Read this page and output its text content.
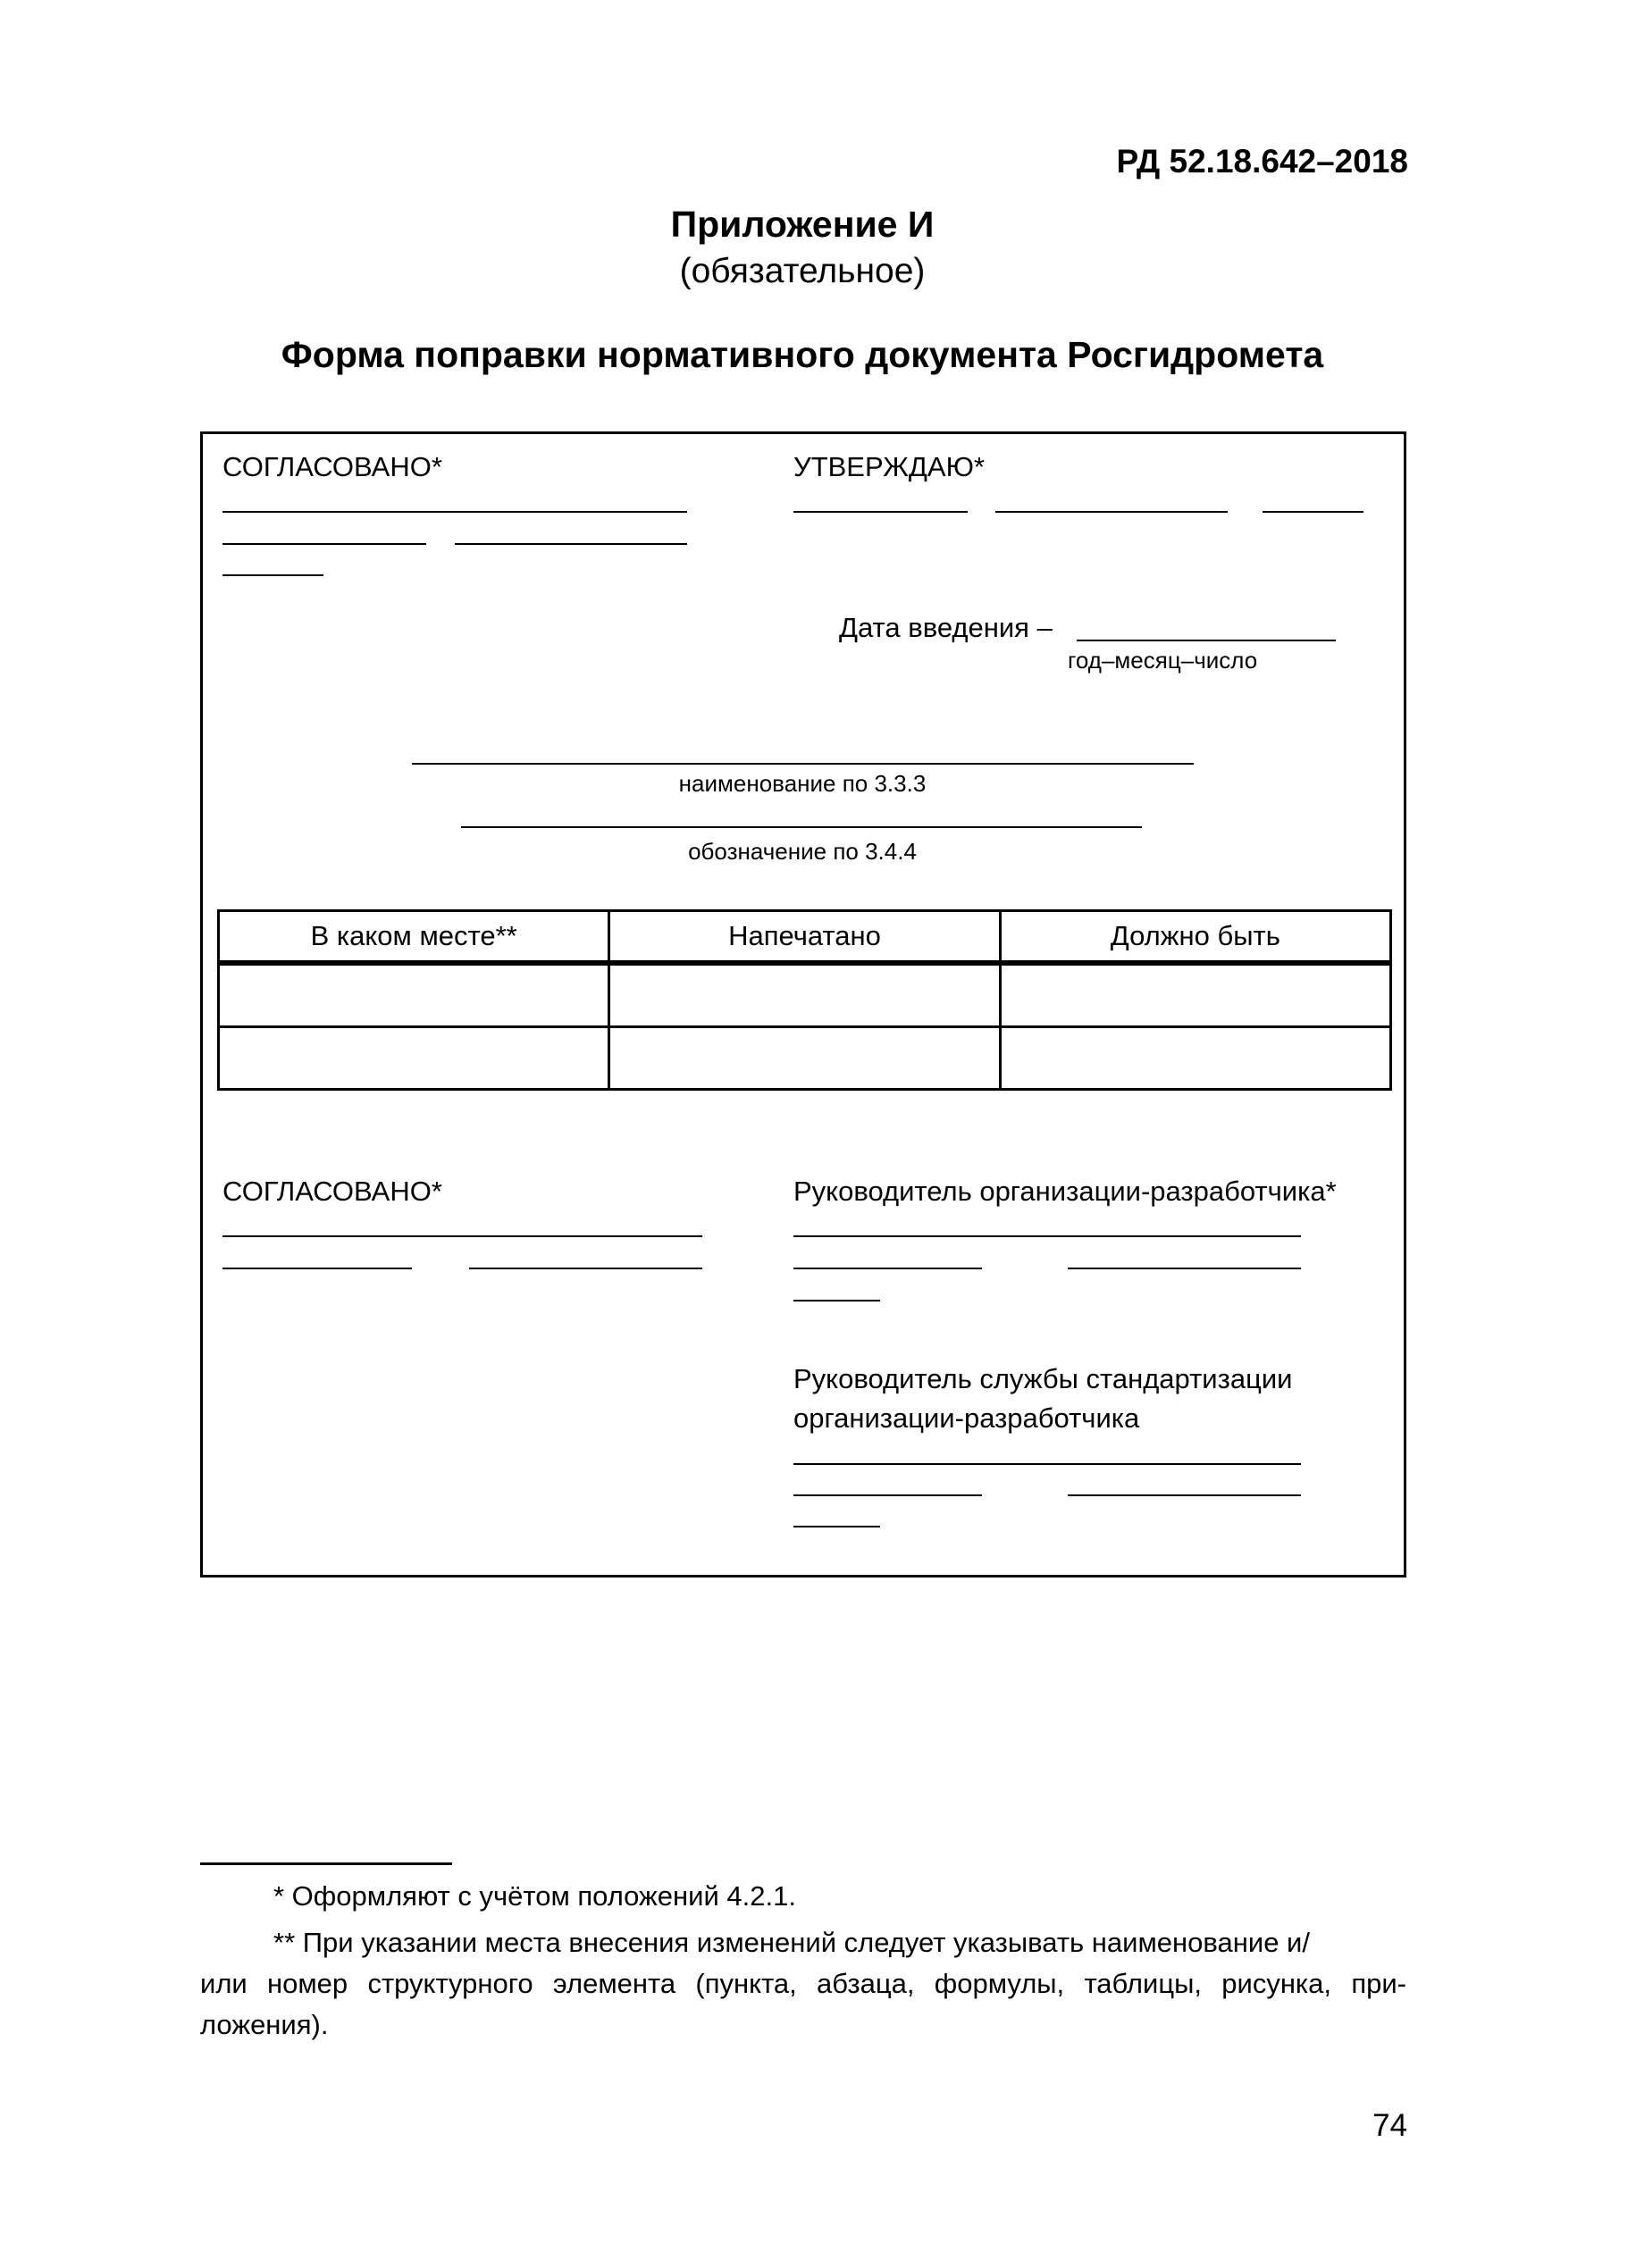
РД 52.18.642–2018
Приложение И
(обязательное)
Форма поправки нормативного документа Росгидромета
СОГЛАСОВАНО*	УТВЕРЖДАЮ*
Дата введения –
год–месяц–число
наименование по 3.3.3
обозначение по 3.4.4
В каком месте**	Напечатано	Должно быть

СОГЛАСОВАНО*	Руководитель организации-разработчика*
Руководитель службы стандартизации
организации-разработчика
* Оформляют с учётом положений 4.2.1.
** При указании места внесения изменений следует указывать наименование и/
или номер структурного элемента (пункта, абзаца, формулы, таблицы, рисунка, при-
ложения).
74
